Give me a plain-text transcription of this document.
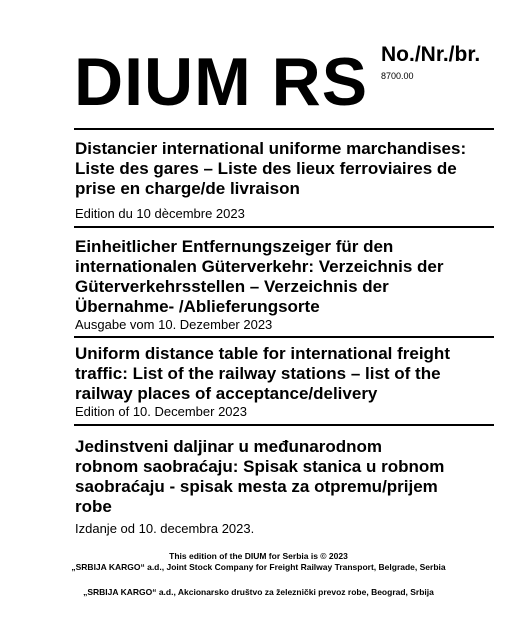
DIUM RS No./Nr./br.
8700.00
Distancier international uniforme marchandises:
Liste des gares – Liste des lieux ferroviaires de
prise en charge/de livraison
Edition du 10 dècembre 2023
Einheitlicher Entfernungszeiger für den
internationalen Güterverkehr: Verzeichnis der
Güterverkehrsstellen – Verzeichnis der
Übernahme- /Ablieferungsorte
Ausgabe vom 10. Dezember 2023
Uniform distance table for international freight
traffic: List of the railway stations – list of the
railway places of acceptance/delivery
Edition of 10. December 2023
Jedinstveni daljinar u međunarodnom
robnom saobraćaju: Spisak stanica u robnom
saobraćaju - spisak mesta za otpremu/prijem
robe
Izdanje od 10. decembra 2023.
This edition of the DIUM for Serbia is © 2023
„SRBIJA KARGO“ a.d., Joint Stock Company for Freight Railway Transport, Belgrade, Serbia
„SRBIJA KARGO“ a.d., Akcionarsko društvo za železnički prevoz robe, Beograd, Srbija
